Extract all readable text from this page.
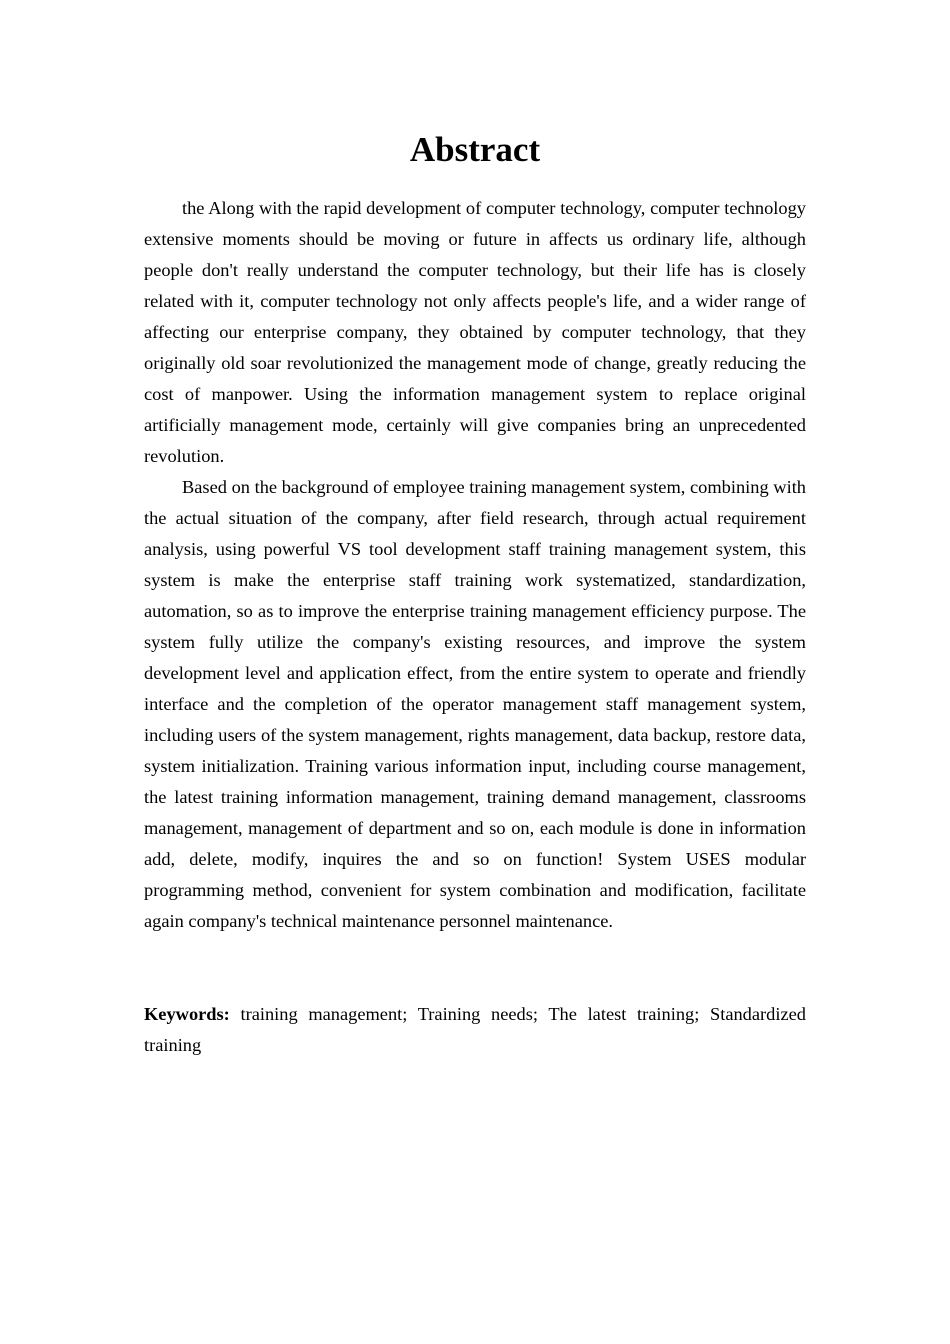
Abstract

the Along with the rapid development of computer technology, computer technology extensive moments should be moving or future in affects us ordinary life, although people don't really understand the computer technology, but their life has is closely related with it, computer technology not only affects people's life, and a wider range of affecting our enterprise company, they obtained by computer technology, that they originally old soar revolutionized the management mode of change, greatly reducing the cost of manpower. Using the information management system to replace original artificially management mode, certainly will give companies bring an unprecedented revolution.

Based on the background of employee training management system, combining with the actual situation of the company, after field research, through actual requirement analysis, using powerful VS tool development staff training management system, this system is make the enterprise staff training work systematized, standardization, automation, so as to improve the enterprise training management efficiency purpose. The system fully utilize the company's existing resources, and improve the system development level and application effect, from the entire system to operate and friendly interface and the completion of the operator management staff management system, including users of the system management, rights management, data backup, restore data, system initialization. Training various information input, including course management, the latest training information management, training demand management, classrooms management, management of department and so on, each module is done in information add, delete, modify, inquires the and so on function! System USES modular programming method, convenient for system combination and modification, facilitate again company's technical maintenance personnel maintenance.

Keywords: training management; Training needs; The latest training; Standardized training
